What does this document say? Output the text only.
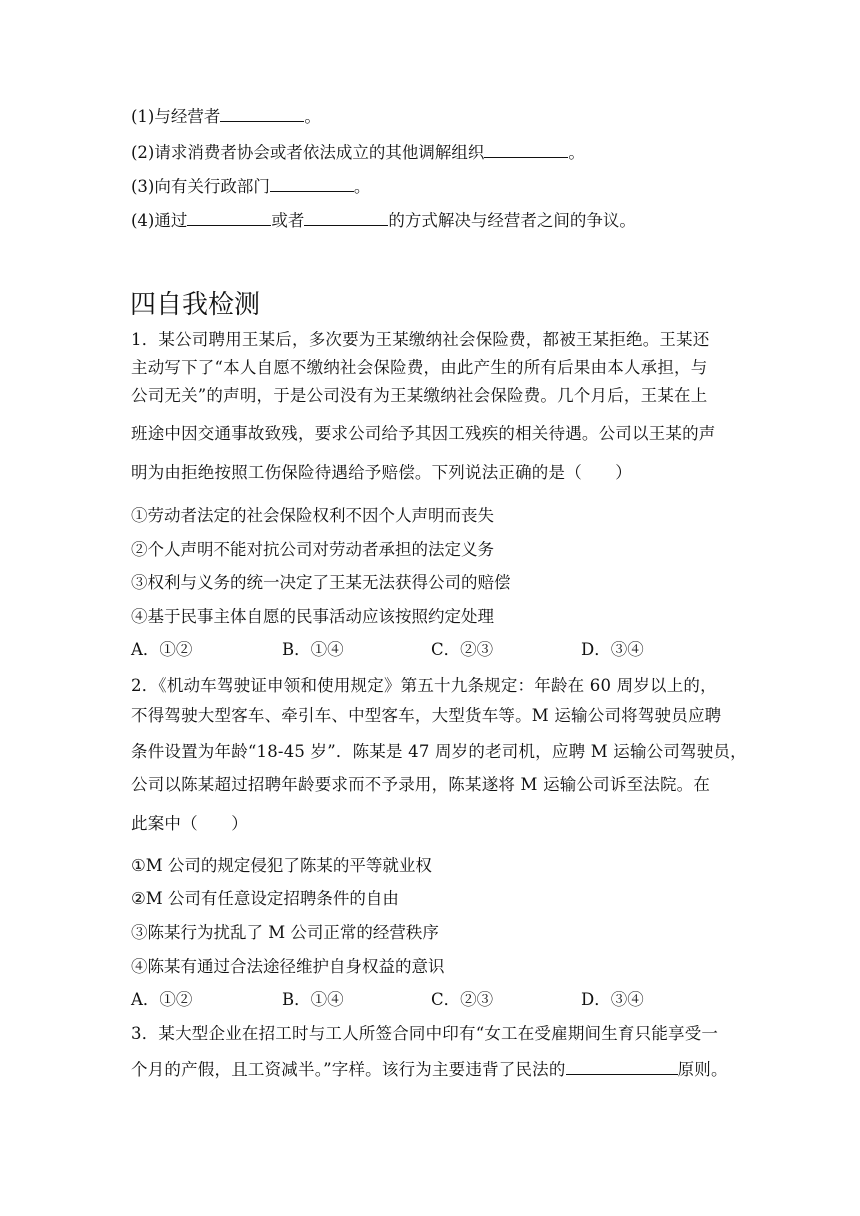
(1)与经营者	。
(2)请求消费者协会或者依法成立的其他调解组织	。
(3)向有关行政部门	。
(4)通过	或者	的方式解决与经营者之间的争议。
四自我检测
1．某公司聘用王某后，多次要为王某缴纳社会保险费，都被王某拒绝。王某还
主动写下了“本人自愿不缴纳社会保险费，由此产生的所有后果由本人承担，与
公司无关”的声明，于是公司没有为王某缴纳社会保险费。几个月后，王某在上
班途中因交通事故致残，要求公司给予其因工残疾的相关待遇。公司以王某的声
明为由拒绝按照工伤保险待遇给予赔偿。下列说法正确的是（　　）
①劳动者法定的社会保险权利不因个人声明而丧失
②个人声明不能对抗公司对劳动者承担的法定义务
③权利与义务的统一决定了王某无法获得公司的赔偿
④基于民事主体自愿的民事活动应该按照约定处理
A．①②	B．①④	C．②③	D．③④
2．《机动车驾驶证申领和使用规定》第五十九条规定：年龄在 60 周岁以上的，
不得驾驶大型客车、牵引车、中型客车，大型货车等。M 运输公司将驾驶员应聘
条件设置为年龄“18-45 岁”．陈某是 47 周岁的老司机，应聘 M 运输公司驾驶员，
公司以陈某超过招聘年龄要求而不予录用，陈某遂将 M 运输公司诉至法院。在
此案中（　　）
①M 公司的规定侵犯了陈某的平等就业权
②M 公司有任意设定招聘条件的自由
③陈某行为扰乱了 M 公司正常的经营秩序
④陈某有通过合法途径维护自身权益的意识
A．①②	B．①④	C．②③	D．③④
3．某大型企业在招工时与工人所签合同中印有“女工在受雇期间生育只能享受一
个月的产假，且工资减半。”字样。该行为主要违背了民法的	原则。
